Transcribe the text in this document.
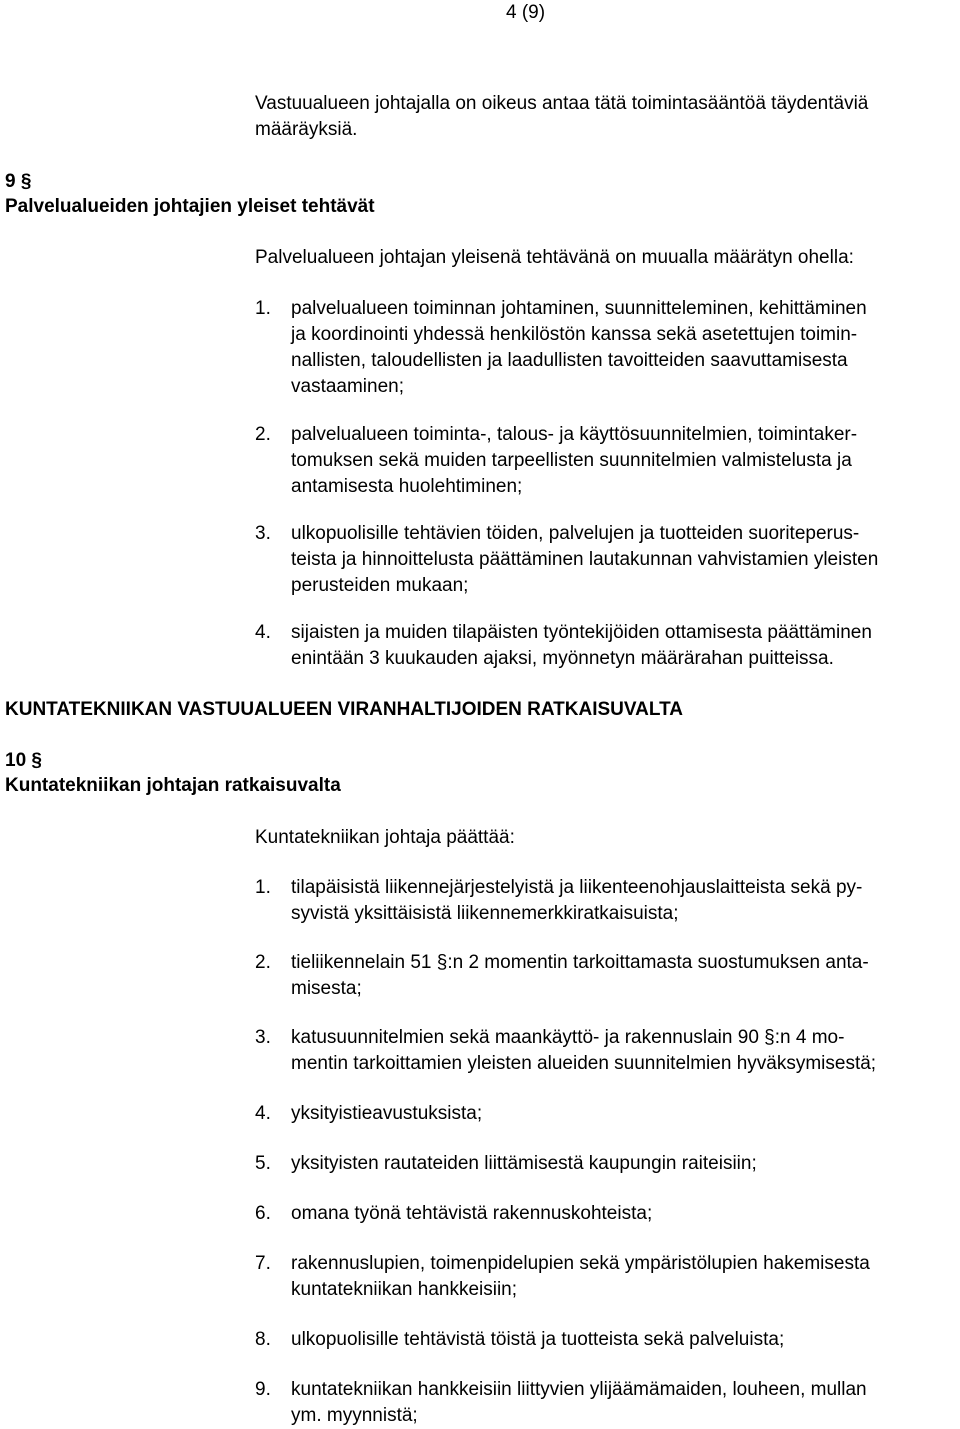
4 (9)
Vastuualueen johtajalla on oikeus antaa tätä toimintasääntöä täydentäviä
määräyksiä.
9 §
Palvelualueiden johtajien yleiset tehtävät
Palvelualueen johtajan yleisenä tehtävänä on muualla määrätyn ohella:
1.	palvelualueen toiminnan johtaminen, suunnitteleminen, kehittäminen
ja koordinointi yhdessä henkilöstön kanssa sekä asetettujen toimin-
nallisten, taloudellisten ja laadullisten tavoitteiden saavuttamisesta
vastaaminen;
2.	palvelualueen toiminta-, talous- ja käyttösuunnitelmien, toimintaker-
tomuksen sekä muiden tarpeellisten suunnitelmien valmistelusta ja
antamisesta huolehtiminen;
3.	ulkopuolisille tehtävien töiden, palvelujen ja tuotteiden suoriteperus-
teista ja hinnoittelusta päättäminen lautakunnan vahvistamien yleisten
perusteiden mukaan;
4.	sijaisten ja muiden tilapäisten työntekijöiden ottamisesta päättäminen
enintään 3 kuukauden ajaksi, myönnetyn määrärahan puitteissa.
KUNTATEKNIIKAN VASTUUALUEEN VIRANHALTIJOIDEN RATKAISUVALTA
10 §
Kuntatekniikan johtajan ratkaisuvalta
Kuntatekniikan johtaja päättää:
1.	tilapäisistä liikennejärjestelyistä ja liikenteenohjauslaitteista sekä py-
syvistä yksittäisistä liikennemerkkiratkaisuista;
2.	tieliikennelain 51 §:n 2 momentin tarkoittamasta suostumuksen anta-
misesta;
3.	katusuunnitelmien sekä maankäyttö- ja rakennuslain 90 §:n 4 mo-
mentin tarkoittamien yleisten alueiden suunnitelmien hyväksymisestä;
4.	yksityistieavustuksista;
5.	yksityisten rautateiden liittämisestä kaupungin raiteisiin;
6.	omana työnä tehtävistä rakennuskohteista;
7.	rakennuslupien, toimenpidelupien sekä ympäristölupien hakemisesta
kuntatekniikan hankkeisiin;
8.	ulkopuolisille tehtävistä töistä ja tuotteista sekä palveluista;
9.	kuntatekniikan hankkeisiin liittyvien ylijäämämaiden, louheen, mullan
ym. myynnistä;
